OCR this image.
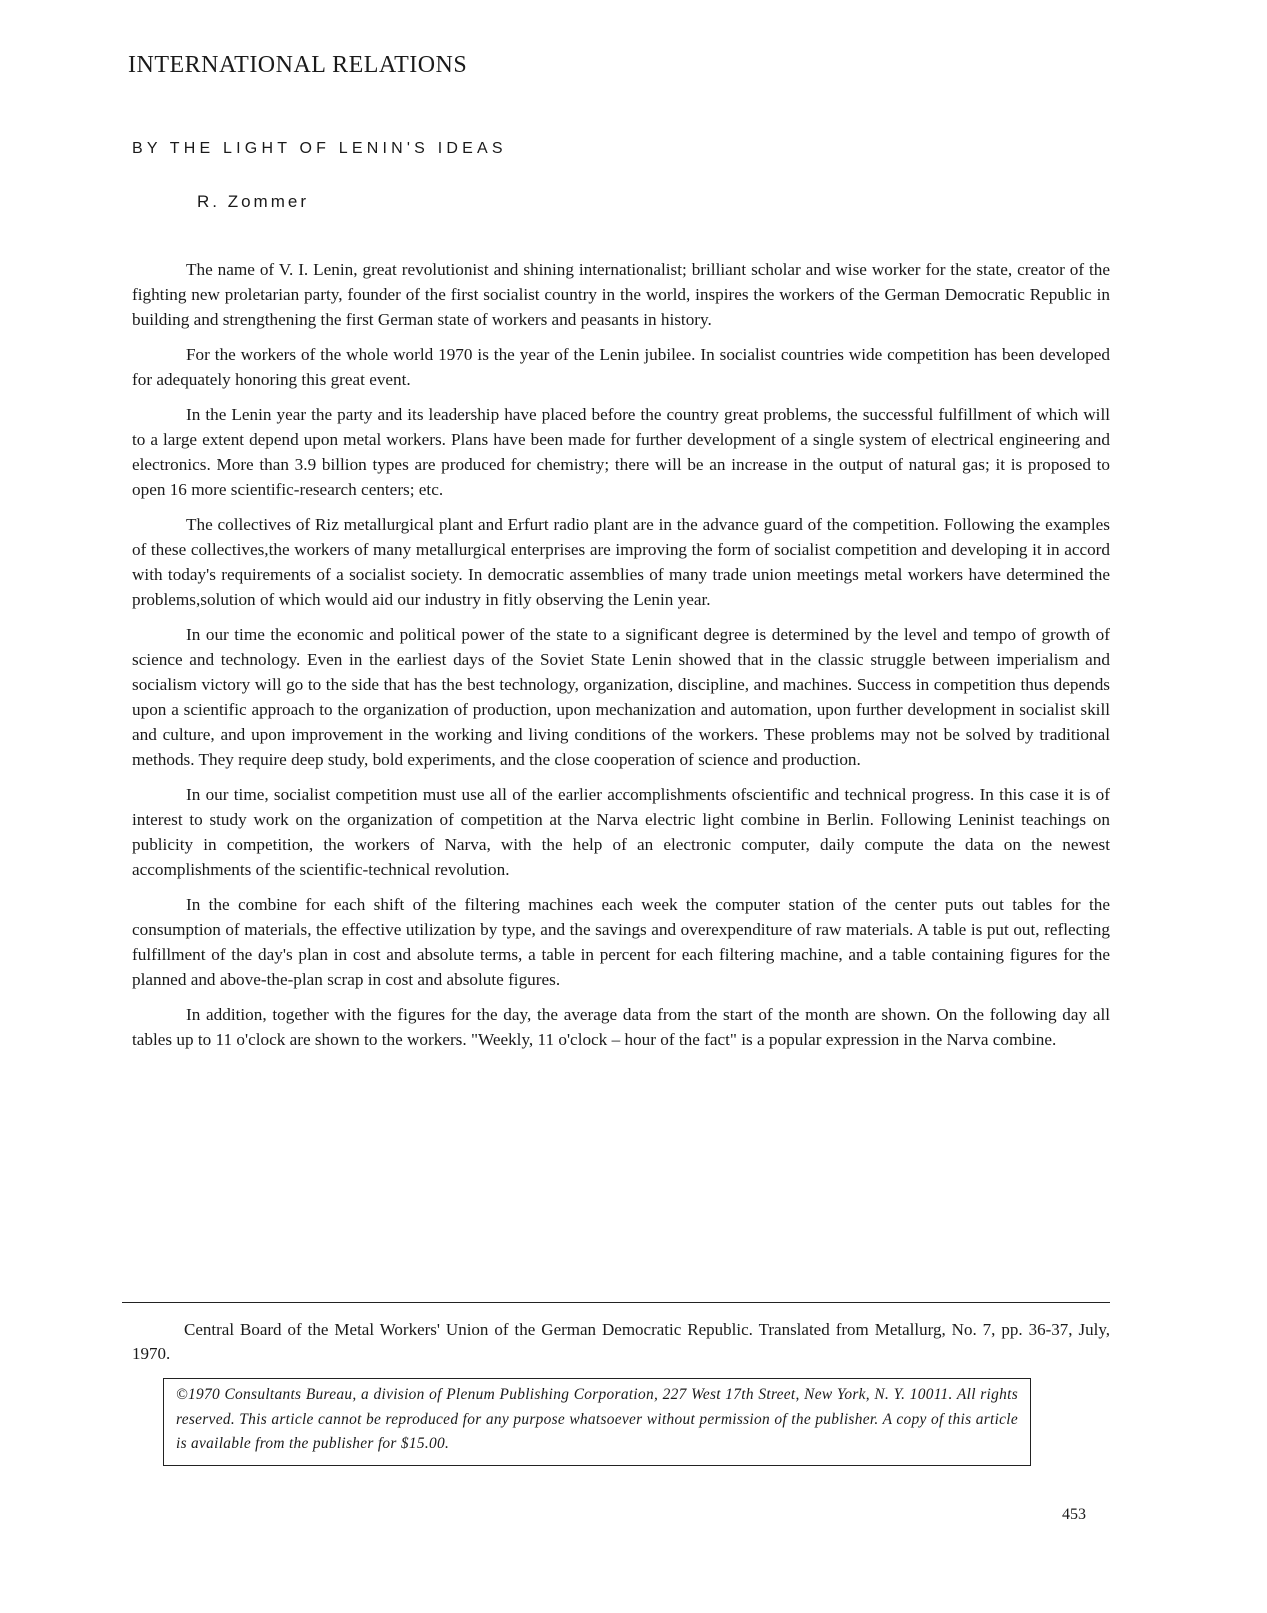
INTERNATIONAL RELATIONS
BY THE LIGHT OF LENIN'S IDEAS

R. Zommer

The name of V. I. Lenin, great revolutionist and shining internationalist; brilliant scholar and wise worker for the state, creator of the fighting new proletarian party, founder of the first socialist country in the world, inspires the workers of the German Democratic Republic in building and strengthening the first German state of workers and peasants in history.

For the workers of the whole world 1970 is the year of the Lenin jubilee. In socialist countries wide competition has been developed for adequately honoring this great event.

In the Lenin year the party and its leadership have placed before the country great problems, the successful fulfillment of which will to a large extent depend upon metal workers. Plans have been made for further development of a single system of electrical engineering and electronics. More than 3.9 billion types are produced for chemistry; there will be an increase in the output of natural gas; it is proposed to open 16 more scientific-research centers; etc.

The collectives of Riz metallurgical plant and Erfurt radio plant are in the advance guard of the competition. Following the examples of these collectives,the workers of many metallurgical enterprises are improving the form of socialist competition and developing it in accord with today's requirements of a socialist society. In democratic assemblies of many trade union meetings metal workers have determined the problems,solution of which would aid our industry in fitly observing the Lenin year.

In our time the economic and political power of the state to a significant degree is determined by the level and tempo of growth of science and technology. Even in the earliest days of the Soviet State Lenin showed that in the classic struggle between imperialism and socialism victory will go to the side that has the best technology, organization, discipline, and machines. Success in competition thus depends upon a scientific approach to the organization of production, upon mechanization and automation, upon further development in socialist skill and culture, and upon improvement in the working and living conditions of the workers. These problems may not be solved by traditional methods. They require deep study, bold experiments, and the close cooperation of science and production.

In our time, socialist competition must use all of the earlier accomplishments ofscientific and technical progress. In this case it is of interest to study work on the organization of competition at the Narva electric light combine in Berlin. Following Leninist teachings on publicity in competition, the workers of Narva, with the help of an electronic computer, daily compute the data on the newest accomplishments of the scientific-technical revolution.

In the combine for each shift of the filtering machines each week the computer station of the center puts out tables for the consumption of materials, the effective utilization by type, and the savings and overexpenditure of raw materials. A table is put out, reflecting fulfillment of the day's plan in cost and absolute terms, a table in percent for each filtering machine, and a table containing figures for the planned and above-the-plan scrap in cost and absolute figures.

In addition, together with the figures for the day, the average data from the start of the month are shown. On the following day all tables up to 11 o'clock are shown to the workers. "Weekly, 11 o'clock – hour of the fact" is a popular expression in the Narva combine.

Central Board of the Metal Workers' Union of the German Democratic Republic. Translated from Metallurg, No. 7, pp. 36-37, July, 1970.

©1970 Consultants Bureau, a division of Plenum Publishing Corporation, 227 West 17th Street, New York, N. Y. 10011. All rights reserved. This article cannot be reproduced for any purpose whatsoever without permission of the publisher. A copy of this article is available from the publisher for $15.00.

453
